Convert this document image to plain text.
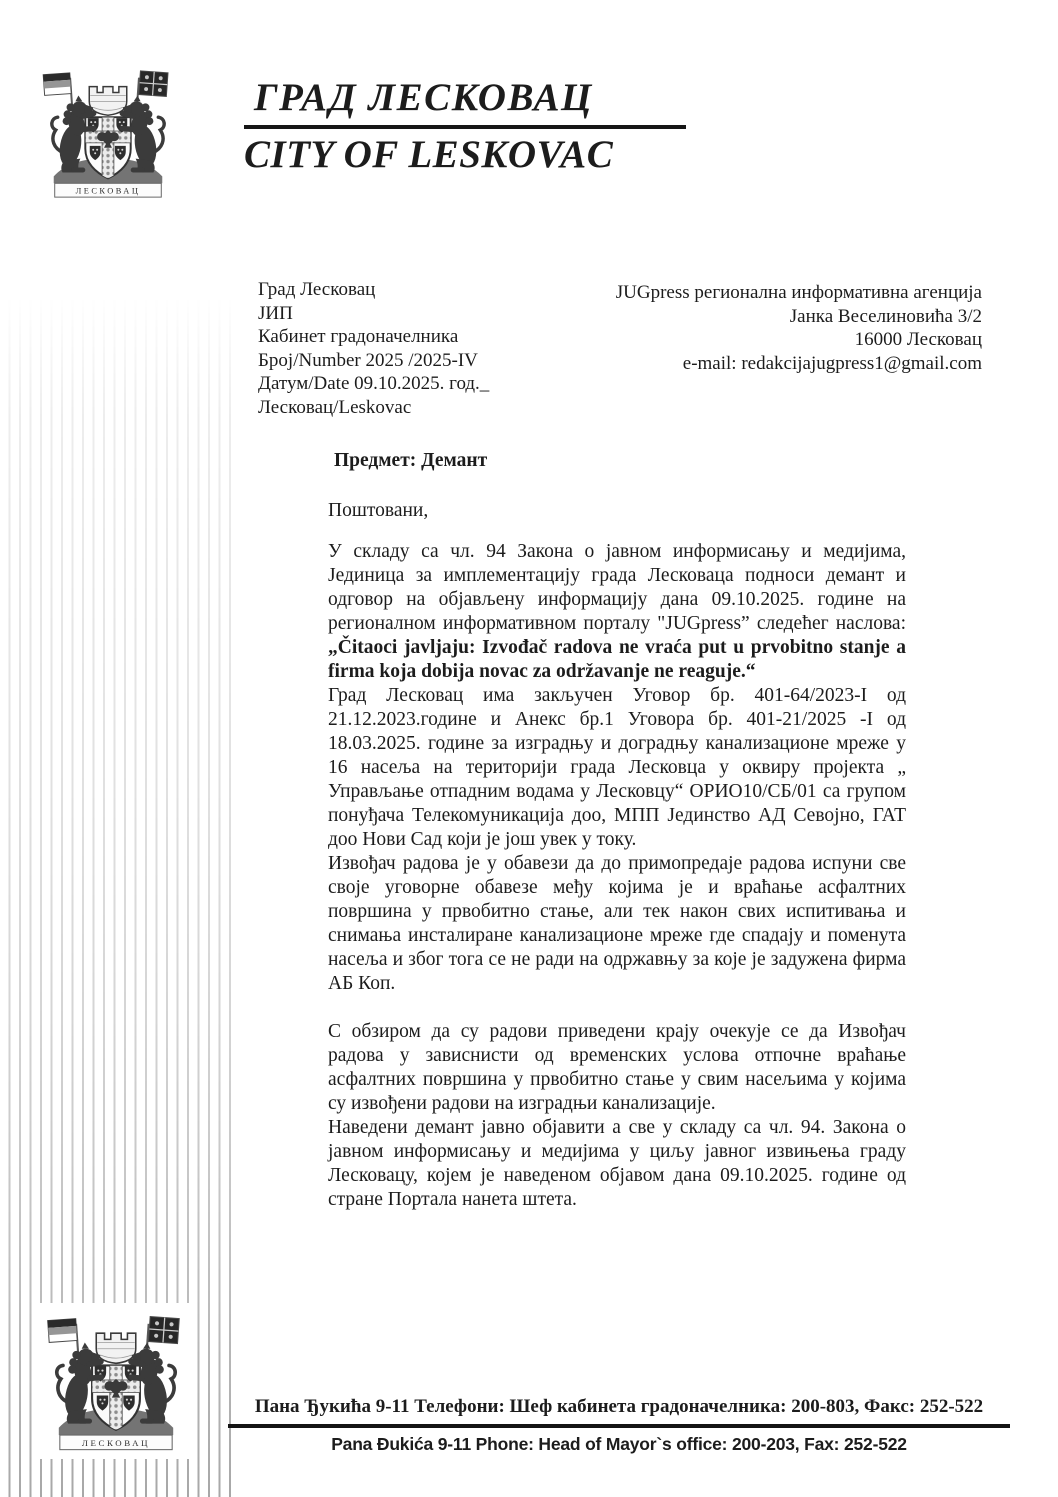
ГРАД ЛЕСКОВАЦ
CITY OF LESKOVAC
Град Лесковац
ЈИП
Кабинет градоначелника
Број/Number 2025 /2025-IV
Датум/Date 09.10.2025. год._
Лесковац/Leskovac
JUGpress регионална информативна агенција
Јанка Веселиновића 3/2
16000 Лесковац
e-mail: redakcijajugpress1@gmail.com
Предмет: Демант
Поштовани,

У складу са чл. 94 Закона о јавном информисању и медијима, Јединица за имплементацију града Лесковаца подноси демант и одговор на објављену информацију дана 09.10.2025. године на регионалном информативном порталу "JUGpress” следећег наслова: „Čitaoci javljaju: Izvođač radova ne vraća put u prvobitno stanje a firma koja dobija novac za održavanje ne reaguje.“

Град Лесковац има закључен Уговор бр. 401-64/2023-I од 21.12.2023.године и Анекс бр.1 Уговора бр. 401-21/2025 -I од 18.03.2025. године за изградњу и доградњу канализационе мреже у 16 насеља на територији града Лесковца у оквиру пројекта „ Управљање отпадним водама у Лесковцу“ ОРИО10/СБ/01 са групом понуђача Телекомуникација доо, МПП Јединство АД Севојно, ГАТ доо Нови Сад који је још увек у току.

Извођач радова је у обавези да до примопредаје радова испуни све своје уговорне обавезе међу којима је и враћање асфалтних површина у првобитно стање, али тек након свих испитивања и снимања инсталиране канализационе мреже где спадају и поменута насеља и због тога се не ради на одржавњу за које је задужена фирма АБ Коп.

С обзиром да су радови приведени крају очекује се да Извођач радова у зависнисти од временских услова отпочне враћање асфалтних површина у првобитно стање у свим насељима у којима су извођени радови на изградњи канализације.

Наведени демант јавно објавити а све у складу са чл. 94. Закона о јавном информисању и медијима у циљу јавног извињења граду Лесковацу, којем је наведеном објавом дана 09.10.2025. године од стране Портала нанета штета.

Пана Ђукића 9-11 Телефони: Шеф кабинета градоначелника: 200-803, Факс: 252-522
Pana Đukića 9-11 Phone: Head of Mayor`s office: 200-203, Fax: 252-522
